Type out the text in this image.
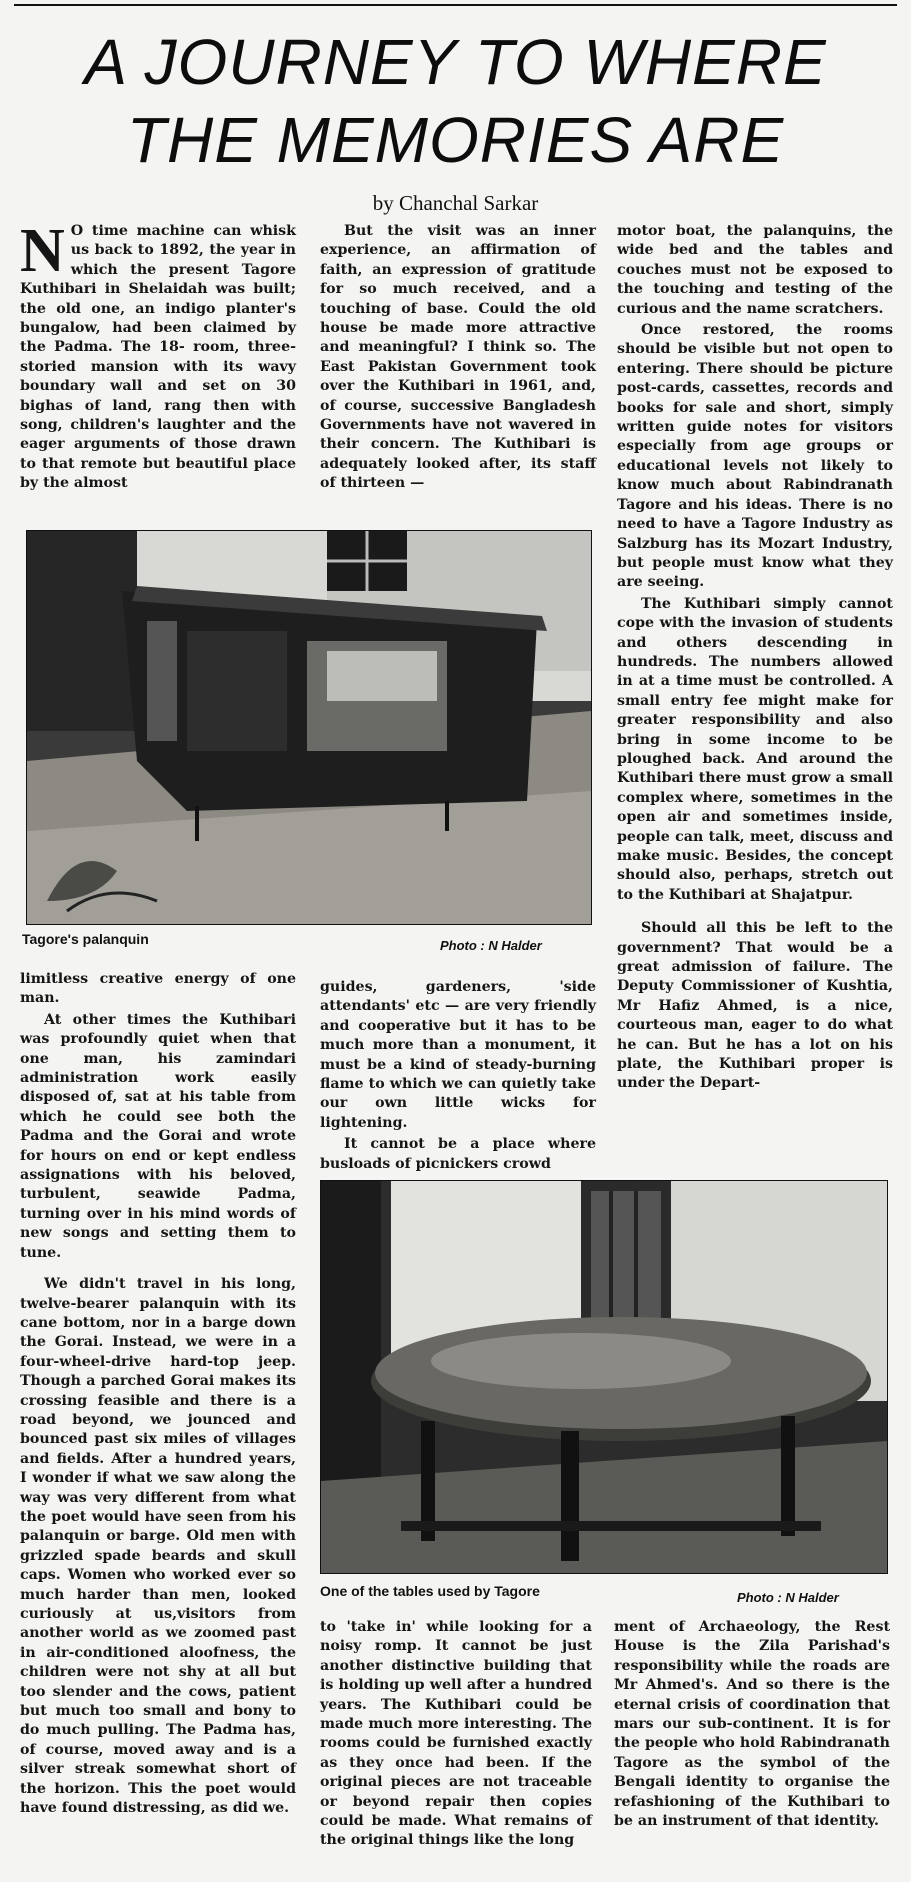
A JOURNEY TO WHERE
THE MEMORIES ARE
by Chanchal Sarkar

N O time machine can whisk us back to 1892, the year in which the present Tagore Kuthibari in Shelaidah was built; the old one, an indigo planter's bungalow, had been claimed by the Padma. The 18- room, three-storied mansion with its wavy boundary wall and set on 30 bighas of land, rang then with song, children's laughter and the eager arguments of those drawn to that remote but beautiful place by the almost

But the visit was an inner experience, an affirmation of faith, an expression of gratitude for so much received, and a touching of base. Could the old house be made more attractive and meaningful? I think so. The East Pakistan Government took over the Kuthibari in 1961, and, of course, successive Bangladesh Governments have not wavered in their concern. The Kuthibari is adequately looked after, its staff of thirteen —

motor boat, the palanquins, the wide bed and the tables and couches must not be exposed to the touching and testing of the curious and the name scratchers.

Once restored, the rooms should be visible but not open to entering. There should be picture post-cards, cassettes, records and books for sale and short, simply written guide notes for visitors especially from age groups or educational levels not likely to know much about Rabindranath Tagore and his ideas. There is no need to have a Tagore Industry as Salzburg has its Mozart Industry, but people must know what they are seeing.

The Kuthibari simply cannot cope with the invasion of students and others descending in hundreds. The numbers allowed in at a time must be controlled. A small entry fee might make for greater responsibility and also bring in some income to be ploughed back. And around the Kuthibari there must grow a small complex where, sometimes in the open air and sometimes inside, people can talk, meet, discuss and make music. Besides, the concept should also, perhaps, stretch out to the Kuthibari at Shajatpur.

Should all this be left to the government? That would be a great admission of failure. The Deputy Commissioner of Kushtia, Mr Hafiz Ahmed, is a nice, courteous man, eager to do what he can. But he has a lot on his plate, the Kuthibari proper is under the Depart-

Tagore's palanquin	Photo : N Halder

limitless creative energy of one man.

At other times the Kuthibari was profoundly quiet when that one man, his zamindari administration work easily disposed of, sat at his table from which he could see both the Padma and the Gorai and wrote for hours on end or kept endless assignations with his beloved, turbulent, seawide Padma, turning over in his mind words of new songs and setting them to tune.

We didn't travel in his long, twelve-bearer palanquin with its cane bottom, nor in a barge down the Gorai. Instead, we were in a four-wheel-drive hard-top jeep. Though a parched Gorai makes its crossing feasible and there is a road beyond, we jounced and bounced past six miles of villages and fields. After a hundred years, I wonder if what we saw along the way was very different from what the poet would have seen from his palanquin or barge. Old men with grizzled spade beards and skull caps. Women who worked ever so much harder than men, looked curiously at us,visitors from another world as we zoomed past in air-conditioned aloofness, the children were not shy at all but too slender and the cows, patient but much too small and bony to do much pulling. The Padma has, of course, moved away and is a silver streak somewhat short of the horizon. This the poet would have found distressing, as did we.

guides, gardeners, 'side attendants' etc — are very friendly and cooperative but it has to be much more than a monument, it must be a kind of steady-burning flame to which we can quietly take our own little wicks for lightening.

It cannot be a place where busloads of picnickers crowd

One of the tables used by Tagore	Photo : N Halder

to 'take in' while looking for a noisy romp. It cannot be just another distinctive building that is holding up well after a hundred years. The Kuthibari could be made much more interesting. The rooms could be furnished exactly as they once had been. If the original pieces are not traceable or beyond repair then copies could be made. What remains of the original things like the long

ment of Archaeology, the Rest House is the Zila Parishad's responsibility while the roads are Mr Ahmed's. And so there is the eternal crisis of coordination that mars our sub-continent. It is for the people who hold Rabindranath Tagore as the symbol of the Bengali identity to organise the refashioning of the Kuthibari to be an instrument of that identity.
